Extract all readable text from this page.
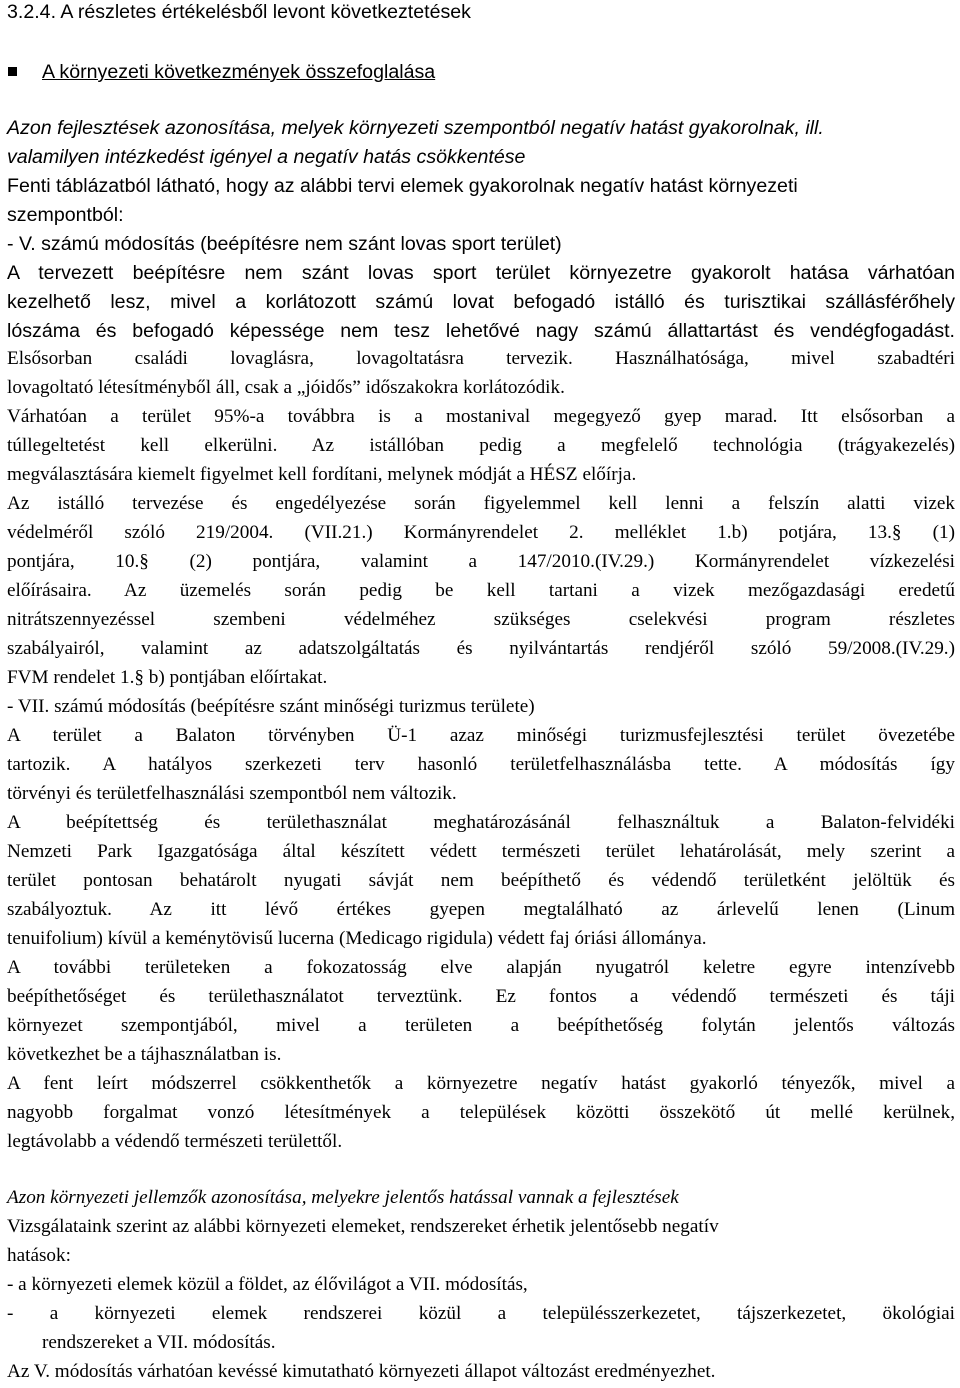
3.2.4. A részletes értékelésből levont következtetések
A környezeti következmények összefoglalása
Azon fejlesztések azonosítása, melyek környezeti szempontból negatív hatást gyakorolnak, ill.
valamilyen intézkedést igényel a negatív hatás csökkentése
Fenti táblázatból látható, hogy az alábbi tervi elemek gyakorolnak negatív hatást környezeti
szempontból:
- V. számú módosítás (beépítésre nem szánt lovas sport terület)
A tervezett beépítésre nem szánt lovas sport terület környezetre gyakorolt hatása várhatóan
kezelhető lesz, mivel a korlátozott számú lovat befogadó istálló és turisztikai szállásférőhely
lószáma és befogadó képessége nem tesz lehetővé nagy számú állattartást és vendégfogadást.
Elsősorban családi lovaglásra, lovagoltatásra tervezik. Használhatósága, mivel szabadtéri
lovagoltató létesítményből áll, csak a „jóidős” időszakokra korlátozódik.
Várhatóan a terület 95%-a továbbra is a mostanival megegyező gyep marad. Itt elsősorban a
túllegeltetést kell elkerülni. Az istállóban pedig a megfelelő technológia (trágyakezelés)
megválasztására kiemelt figyelmet kell fordítani, melynek módját a HÉSZ előírja.
Az istálló tervezése és engedélyezése során figyelemmel kell lenni a felszín alatti vizek
védelméről szóló 219/2004. (VII.21.) Kormányrendelet 2. melléklet 1.b) potjára, 13.§ (1)
pontjára, 10.§ (2) pontjára, valamint a 147/2010.(IV.29.) Kormányrendelet vízkezelési
előírásaira. Az üzemelés során pedig be kell tartani a vizek mezőgazdasági eredetű
nitrátszennyezéssel szembeni védelméhez szükséges cselekvési program részletes
szabályairól, valamint az adatszolgáltatás és nyilvántartás rendjéről szóló 59/2008.(IV.29.)
FVM rendelet 1.§ b) pontjában előírtakat.
- VII. számú módosítás (beépítésre szánt minőségi turizmus területe)
A terület a Balaton törvényben Ü-1 azaz minőségi turizmusfejlesztési terület övezetébe
tartozik. A hatályos szerkezeti terv hasonló területfelhasználásba tette. A módosítás így
törvényi és területfelhasználási szempontból nem változik.
A beépítettség és területhasználat meghatározásánál felhasználtuk a Balaton-felvidéki
Nemzeti Park Igazgatósága által készített védett természeti terület lehatárolását, mely szerint a
terület pontosan behatárolt nyugati sávját nem beépíthető és védendő területként jelöltük és
szabályoztuk. Az itt lévő értékes gyepen megtalálható az árlevelű lenen (Linum
tenuifolium) kívül a keménytövisű lucerna (Medicago rigidula) védett faj óriási állománya.
A további területeken a fokozatosság elve alapján nyugatról keletre egyre intenzívebb
beépíthetőséget és területhasználatot terveztünk. Ez fontos a védendő természeti és táji
környezet szempontjából, mivel a területen a beépíthetőség folytán jelentős változás
következhet be a tájhasználatban is.
A fent leírt módszerrel csökkenthetők a környezetre negatív hatást gyakorló tényezők, mivel a
nagyobb forgalmat vonzó létesítmények a települések közötti összekötő út mellé kerülnek,
legtávolabb a védendő természeti területtől.
Azon környezeti jellemzők azonosítása, melyekre jelentős hatással vannak a fejlesztések
Vizsgálataink szerint az alábbi környezeti elemeket, rendszereket érhetik jelentősebb negatív
hatások:
- a környezeti elemek közül a földet, az élővilágot a VII. módosítás,
- a környezeti elemek rendszerei közül a településszerkezetet, tájszerkezetet, ökológiai
rendszereket a VII. módosítás.
Az V. módosítás várhatóan kevéssé kimutatható környezeti állapot változást eredményezhet.
